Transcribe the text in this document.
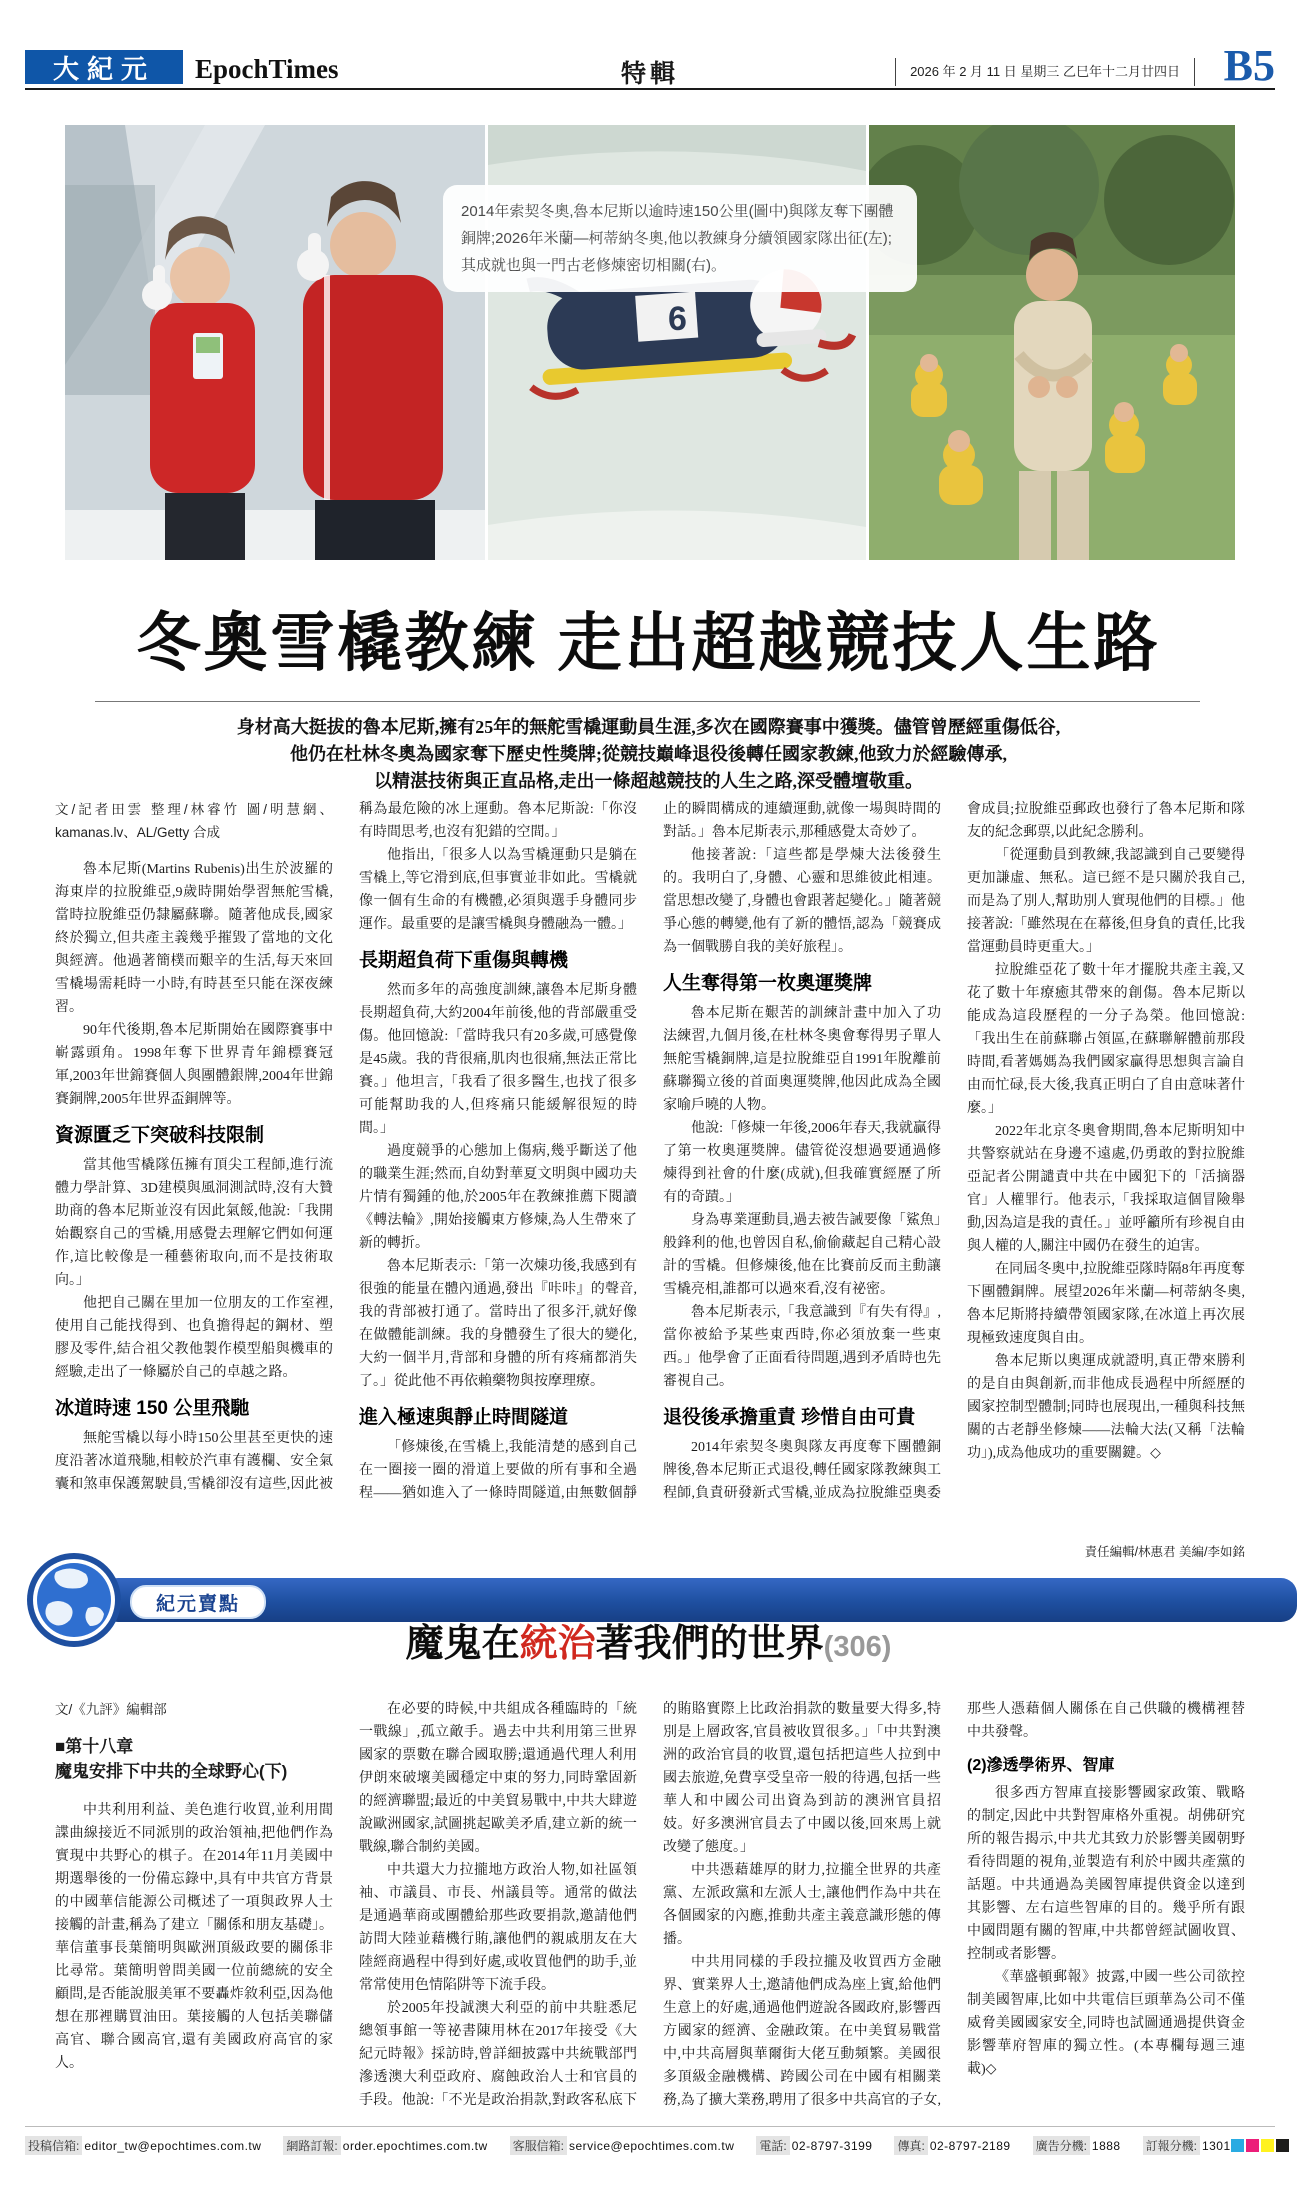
大紀元 EpochTimes	特輯	2026 年 2 月 11 日 星期三 乙巳年十二月廿四日 B5
6
2014年索契冬奧,魯本尼斯以逾時速150公里(圖中)與隊友奪下團體銅牌;2026年米蘭—柯蒂納冬奧,他以教練身分續領國家隊出征(左);其成就也與一門古老修煉密切相關(右)。
冬奧雪橇教練 走出超越競技人生路
身材高大挺拔的魯本尼斯,擁有25年的無舵雪橇運動員生涯,多次在國際賽事中獲獎。儘管曾歷經重傷低谷,
他仍在杜林冬奧為國家奪下歷史性獎牌;從競技巔峰退役後轉任國家教練,他致力於經驗傳承,
以精湛技術與正直品格,走出一條超越競技的人生之路,深受體壇敬重。

文/記者田雲 整理/林睿竹 圖/明慧網、kamanas.lv、AL/Getty 合成

魯本尼斯(Martins Rubenis)出生於波羅的海東岸的拉脫維亞,9歲時開始學習無舵雪橇,當時拉脫維亞仍隸屬蘇聯。隨著他成長,國家終於獨立,但共產主義幾乎摧毀了當地的文化與經濟。他過著簡樸而艱辛的生活,每天來回雪橇場需耗時一小時,有時甚至只能在深夜練習。

90年代後期,魯本尼斯開始在國際賽事中嶄露頭角。1998年奪下世界青年錦標賽冠軍,2003年世錦賽個人與團體銀牌,2004年世錦賽銅牌,2005年世界盃銅牌等。

資源匱乏下突破科技限制

當其他雪橇隊伍擁有頂尖工程師,進行流體力學計算、3D建模與風洞測試時,沒有大贊助商的魯本尼斯並沒有因此氣餒,他說:「我開始觀察自己的雪橇,用感覺去理解它們如何運作,這比較像是一種藝術取向,而不是技術取向。」

他把自己關在里加一位朋友的工作室裡,使用自己能找得到、也負擔得起的鋼材、塑膠及零件,結合祖父教他製作模型船與機車的經驗,走出了一條屬於自己的卓越之路。

冰道時速 150 公里飛馳

無舵雪橇以每小時150公里甚至更快的速度沿著冰道飛馳,相較於汽車有護欄、安全氣囊和煞車保護駕駛員,雪橇卻沒有這些,因此被稱為最危險的冰上運動。魯本尼斯說:「你沒有時間思考,也沒有犯錯的空間。」

他指出,「很多人以為雪橇運動只是躺在雪橇上,等它滑到底,但事實並非如此。雪橇就像一個有生命的有機體,必須與選手身體同步運作。最重要的是讓雪橇與身體融為一體。」

長期超負荷下重傷與轉機

然而多年的高強度訓練,讓魯本尼斯身體長期超負荷,大約2004年前後,他的背部嚴重受傷。他回憶說:「當時我只有20多歲,可感覺像是45歲。我的背很痛,肌肉也很痛,無法正常比賽。」他坦言,「我看了很多醫生,也找了很多可能幫助我的人,但疼痛只能緩解很短的時間。」

過度競爭的心態加上傷病,幾乎斷送了他的職業生涯;然而,自幼對華夏文明與中國功夫片情有獨鍾的他,於2005年在教練推薦下閱讀《轉法輪》,開始接觸東方修煉,為人生帶來了新的轉折。

魯本尼斯表示:「第一次煉功後,我感到有很強的能量在體內通過,發出『咔咔』的聲音,我的背部被打通了。當時出了很多汗,就好像在做體能訓練。我的身體發生了很大的變化,大約一個半月,背部和身體的所有疼痛都消失了。」從此他不再依賴藥物與按摩理療。

進入極速與靜止時間隧道

「修煉後,在雪橇上,我能清楚的感到自己在一圈接一圈的滑道上要做的所有事和全過程——猶如進入了一條時間隧道,由無數個靜止的瞬間構成的連續運動,就像一場與時間的對話。」魯本尼斯表示,那種感覺太奇妙了。

他接著說:「這些都是學煉大法後發生的。我明白了,身體、心靈和思維彼此相連。當思想改變了,身體也會跟著起變化。」隨著競爭心態的轉變,他有了新的體悟,認為「競賽成為一個戰勝自我的美好旅程」。

人生奪得第一枚奧運獎牌

魯本尼斯在艱苦的訓練計畫中加入了功法練習,九個月後,在杜林冬奧會奪得男子單人無舵雪橇銅牌,這是拉脫維亞自1991年脫離前蘇聯獨立後的首面奧運獎牌,他因此成為全國家喻戶曉的人物。

他說:「修煉一年後,2006年春天,我就贏得了第一枚奧運獎牌。儘管從沒想過要通過修煉得到社會的什麼(成就),但我確實經歷了所有的奇蹟。」

身為專業運動員,過去被告誡要像「鯊魚」般鋒利的他,也曾因自私,偷偷藏起自己精心設計的雪橇。但修煉後,他在比賽前反而主動讓雪橇亮相,誰都可以過來看,沒有祕密。

魯本尼斯表示,「我意識到『有失有得』,當你被給予某些東西時,你必須放棄一些東西。」他學會了正面看待問題,遇到矛盾時也先審視自己。

退役後承擔重責 珍惜自由可貴

2014年索契冬奧與隊友再度奪下團體銅牌後,魯本尼斯正式退役,轉任國家隊教練與工程師,負責研發新式雪橇,並成為拉脫維亞奧委會成員;拉脫維亞郵政也發行了魯本尼斯和隊友的紀念郵票,以此紀念勝利。

「從運動員到教練,我認識到自己要變得更加謙虛、無私。這已經不是只關於我自己,而是為了別人,幫助別人實現他們的目標。」他接著說:「雖然現在在幕後,但身負的責任,比我當運動員時更重大。」

拉脫維亞花了數十年才擺脫共產主義,又花了數十年療癒其帶來的創傷。魯本尼斯以能成為這段歷程的一分子為榮。他回憶說:「我出生在前蘇聯占領區,在蘇聯解體前那段時間,看著媽媽為我們國家贏得思想與言論自由而忙碌,長大後,我真正明白了自由意味著什麼。」

2022年北京冬奧會期間,魯本尼斯明知中共警察就站在身邊不遠處,仍勇敢的對拉脫維亞記者公開譴責中共在中國犯下的「活摘器官」人權罪行。他表示,「我採取這個冒險舉動,因為這是我的責任。」並呼籲所有珍視自由與人權的人,關注中國仍在發生的迫害。

在同屆冬奧中,拉脫維亞隊時隔8年再度奪下團體銅牌。展望2026年米蘭—柯蒂納冬奧,魯本尼斯將持續帶領國家隊,在冰道上再次展現極致速度與自由。

魯本尼斯以奧運成就證明,真正帶來勝利的是自由與創新,而非他成長過程中所經歷的國家控制型體制;同時也展現出,一種與科技無關的古老靜坐修煉——法輪大法(又稱「法輪功」),成為他成功的重要關鍵。◇

責任編輯/林惠君 美編/李如銘
紀元賣點
魔鬼在統治著我們的世界(306)

文/《九評》編輯部

■第十八章
魔鬼安排下中共的全球野心(下)

中共利用利益、美色進行收買,並利用間諜曲線接近不同派別的政治領袖,把他們作為實現中共野心的棋子。在2014年11月美國中期選舉後的一份備忘錄中,具有中共官方背景的中國華信能源公司概述了一項與政界人士接觸的計畫,稱為了建立「關係和朋友基礎」。華信董事長葉簡明與歐洲頂級政要的關係非比尋常。葉簡明曾問美國一位前總統的安全顧問,是否能說服美軍不要轟炸敘利亞,因為他想在那裡購買油田。葉接觸的人包括美聯儲高官、聯合國高官,還有美國政府高官的家人。

在必要的時候,中共組成各種臨時的「統一戰線」,孤立敵手。過去中共利用第三世界國家的票數在聯合國取勝;還通過代理人利用伊朗來破壞美國穩定中東的努力,同時鞏固新的經濟聯盟;最近的中美貿易戰中,中共大肆遊說歐洲國家,試圖挑起歐美矛盾,建立新的統一戰線,聯合制約美國。

中共還大力拉攏地方政治人物,如社區領袖、市議員、市長、州議員等。通常的做法是通過華商或團體給那些政要捐款,邀請他們訪問大陸並藉機行賄,讓他們的親戚朋友在大陸經商過程中得到好處,或收買他們的助手,並常常使用色情陷阱等下流手段。

於2005年投誠澳大利亞的前中共駐悉尼總領事館一等祕書陳用林在2017年接受《大紀元時報》採訪時,曾詳細披露中共統戰部門滲透澳大利亞政府、腐蝕政治人士和官員的手段。他說:「不光是政治捐款,對政客私底下的賄賂實際上比政治捐款的數量要大得多,特別是上層政客,官員被收買很多。」「中共對澳洲的政治官員的收買,還包括把這些人拉到中國去旅遊,免費享受皇帝一般的待遇,包括一些華人和中國公司出資為到訪的澳洲官員招妓。好多澳洲官員去了中國以後,回來馬上就改變了態度。」

中共憑藉雄厚的財力,拉攏全世界的共產黨、左派政黨和左派人士,讓他們作為中共在各個國家的內應,推動共產主義意識形態的傳播。

中共用同樣的手段拉攏及收買西方金融界、實業界人士,邀請他們成為座上賓,給他們生意上的好處,通過他們遊說各國政府,影響西方國家的經濟、金融政策。在中美貿易戰當中,中共高層與華爾街大佬互動頻繁。美國很多頂級金融機構、跨國公司在中國有相關業務,為了擴大業務,聘用了很多中共高官的子女,那些人憑藉個人關係在自己供職的機構裡替中共發聲。

(2)滲透學術界、智庫

很多西方智庫直接影響國家政策、戰略的制定,因此中共對智庫格外重視。胡佛研究所的報告揭示,中共尤其致力於影響美國朝野看待問題的視角,並製造有利於中國共產黨的話題。中共通過為美國智庫提供資金以達到其影響、左右這些智庫的目的。幾乎所有跟中國問題有關的智庫,中共都曾經試圖收買、控制或者影響。

《華盛頓郵報》披露,中國一些公司欲控制美國智庫,比如中共電信巨頭華為公司不僅威脅美國國家安全,同時也試圖通過提供資金影響華府智庫的獨立性。(本專欄每週三連載)◇

投稿信箱: editor_tw@epochtimes.com.tw 網路訂報: order.epochtimes.com.tw 客服信箱: service@epochtimes.com.tw 電話: 02-8797-3199 傳真: 02-8797-2189 廣告分機: 1888 訂報分機: 1301
